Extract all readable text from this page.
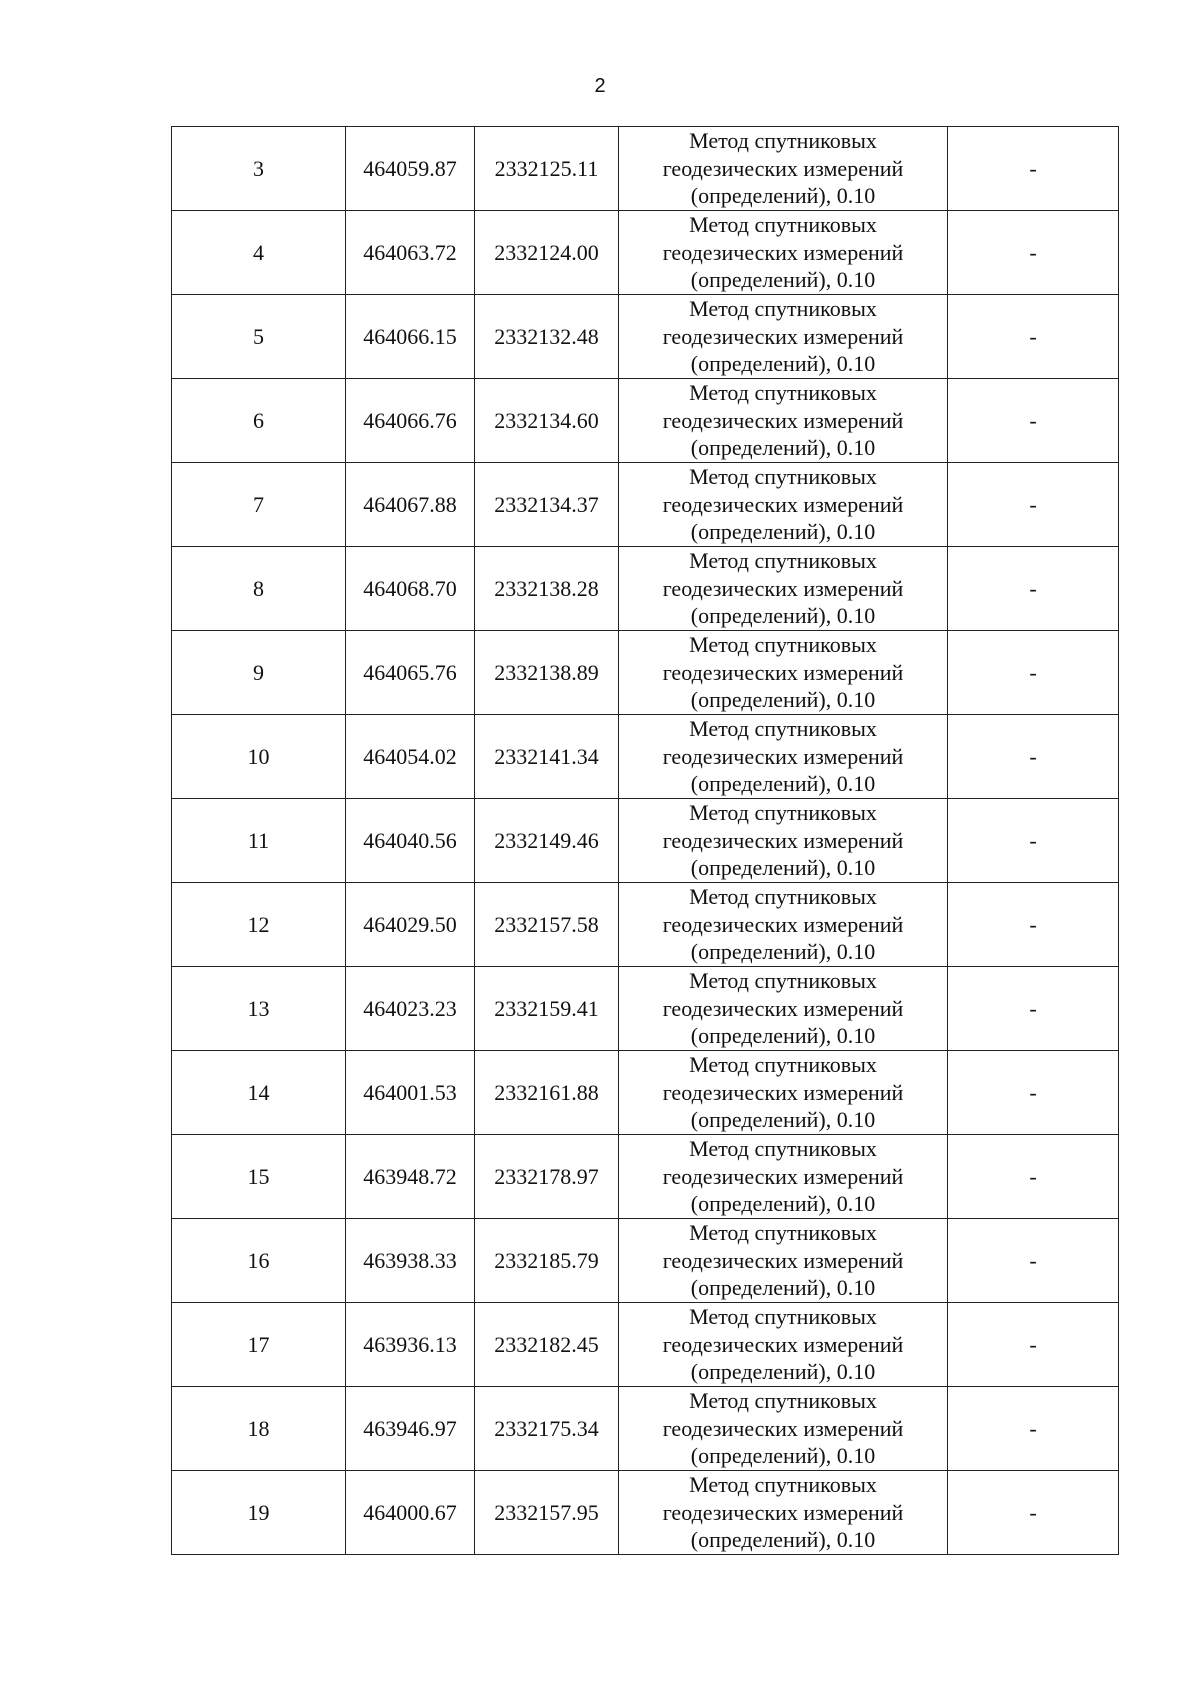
2
3	464059.87	2332125.11	Метод спутниковых
геодезических измерений
(определений), 0.10	-
4	464063.72	2332124.00	Метод спутниковых
геодезических измерений
(определений), 0.10	-
5	464066.15	2332132.48	Метод спутниковых
геодезических измерений
(определений), 0.10	-
6	464066.76	2332134.60	Метод спутниковых
геодезических измерений
(определений), 0.10	-
7	464067.88	2332134.37	Метод спутниковых
геодезических измерений
(определений), 0.10	-
8	464068.70	2332138.28	Метод спутниковых
геодезических измерений
(определений), 0.10	-
9	464065.76	2332138.89	Метод спутниковых
геодезических измерений
(определений), 0.10	-
10	464054.02	2332141.34	Метод спутниковых
геодезических измерений
(определений), 0.10	-
11	464040.56	2332149.46	Метод спутниковых
геодезических измерений
(определений), 0.10	-
12	464029.50	2332157.58	Метод спутниковых
геодезических измерений
(определений), 0.10	-
13	464023.23	2332159.41	Метод спутниковых
геодезических измерений
(определений), 0.10	-
14	464001.53	2332161.88	Метод спутниковых
геодезических измерений
(определений), 0.10	-
15	463948.72	2332178.97	Метод спутниковых
геодезических измерений
(определений), 0.10	-
16	463938.33	2332185.79	Метод спутниковых
геодезических измерений
(определений), 0.10	-
17	463936.13	2332182.45	Метод спутниковых
геодезических измерений
(определений), 0.10	-
18	463946.97	2332175.34	Метод спутниковых
геодезических измерений
(определений), 0.10	-
19	464000.67	2332157.95	Метод спутниковых
геодезических измерений
(определений), 0.10	-
